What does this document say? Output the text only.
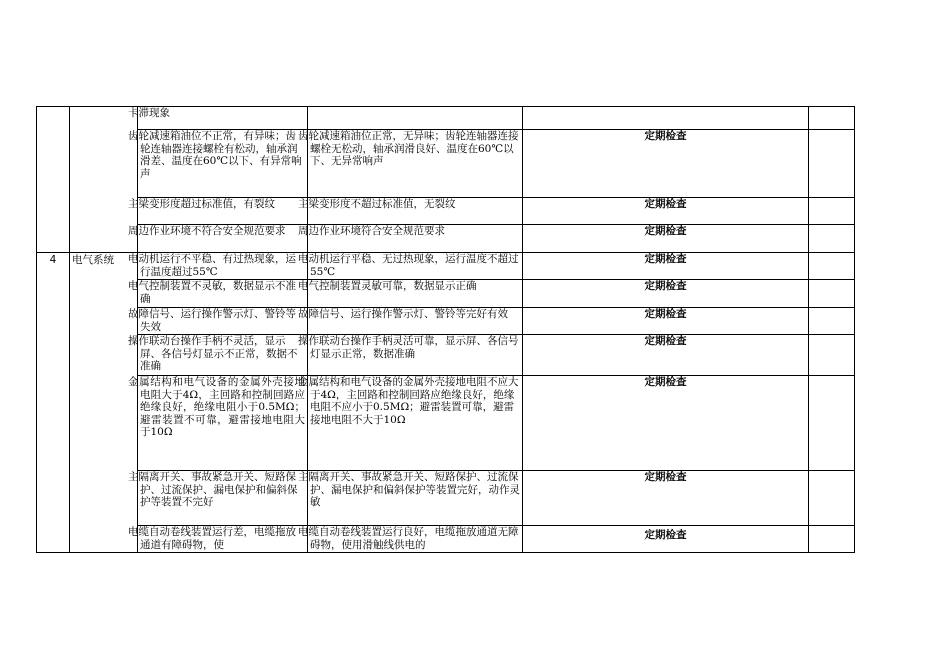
		卡滞现象			
		齿轮减速箱油位不正常，有异味；齿轮连轴器连接螺栓有松动，轴承润滑差、温度在60℃以下、有异常响声	齿轮减速箱油位正常，无异味；齿轮连轴器连接螺栓无松动，轴承润滑良好、温度在60℃以下、无异常响声	定期检查	
		主梁变形度超过标准值，有裂纹	主梁变形度不超过标准值，无裂纹	定期检查	
		周边作业环境不符合安全规范要求	周边作业环境符合安全规范要求	定期检查	
4	电气系统	电动机运行不平稳、有过热现象，运行温度超过55℃	电动机运行平稳、无过热现象，运行温度不超过55℃	定期检查	
		电气控制装置不灵敏，数据显示不准确	电气控制装置灵敏可靠，数据显示正确	定期检查	
		故障信号、运行操作警示灯、警铃等失效	故障信号、运行操作警示灯、警铃等完好有效	定期检查	
		操作联动台操作手柄不灵活，显示屏、各信号灯显示不正常，数据不准确	操作联动台操作手柄灵活可靠，显示屏、各信号灯显示正常，数据准确	定期检查	
		金属结构和电气设备的金属外壳接地电阻大于4Ω，主回路和控制回路应绝缘良好，绝缘电阻小于0.5MΩ；避雷装置不可靠，避雷接地电阻大于10Ω	金属结构和电气设备的金属外壳接地电阻不应大于4Ω，主回路和控制回路应绝缘良好，绝缘电阻不应小于0.5MΩ；避雷装置可靠，避雷接地电阻不大于10Ω	定期检查	
		主隔离开关、事故紧急开关、短路保护、过流保护、漏电保护和偏斜保护等装置不完好	主隔离开关、事故紧急开关、短路保护、过流保护、漏电保护和偏斜保护等装置完好，动作灵敏	定期检查	
		电缆自动卷线装置运行差，电缆拖放通道有障碍物，使	电缆自动卷线装置运行良好，电缆拖放通道无障碍物，使用滑触线供电的	定期检查	
